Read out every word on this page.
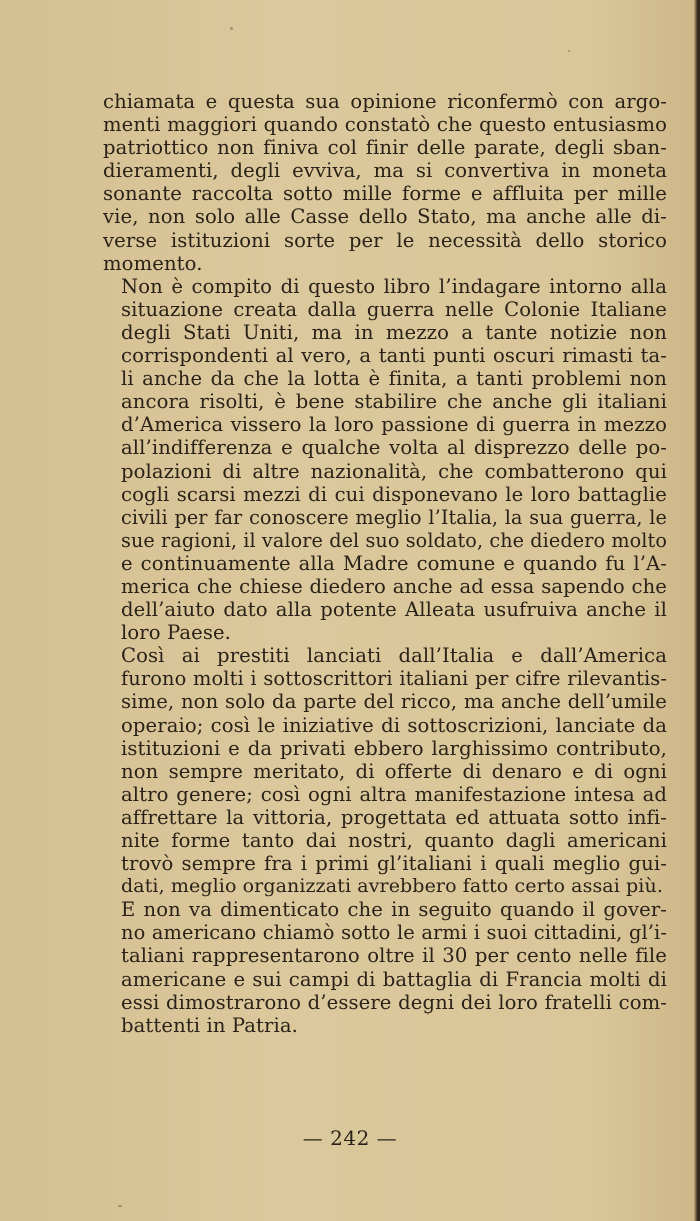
chiamata e questa sua opinione riconfermò con argo-
menti maggiori quando constatò che questo entusiasmo
patriottico non finiva col finir delle parate, degli sban-
dieramenti, degli evviva, ma si convertiva in moneta
sonante raccolta sotto mille forme e affluita per mille
vie, non solo alle Casse dello Stato, ma anche alle di-
verse istituzioni sorte per le necessità dello storico
momento.

Non è compito di questo libro l’indagare intorno alla
situazione creata dalla guerra nelle Colonie Italiane
degli Stati Uniti, ma in mezzo a tante notizie non
corrispondenti al vero, a tanti punti oscuri rimasti ta-
li anche da che la lotta è finita, a tanti problemi non
ancora risolti, è bene stabilire che anche gli italiani
d’America vissero la loro passione di guerra in mezzo
all’indifferenza e qualche volta al disprezzo delle po-
polazioni di altre nazionalità, che combatterono qui
cogli scarsi mezzi di cui disponevano le loro battaglie
civili per far conoscere meglio l’Italia, la sua guerra, le
sue ragioni, il valore del suo soldato, che diedero molto
e continuamente alla Madre comune e quando fu l’A-
merica che chiese diedero anche ad essa sapendo che
dell’aiuto dato alla potente Alleata usufruiva anche il
loro Paese.

Così ai prestiti lanciati dall’Italia e dall’America
furono molti i sottoscrittori italiani per cifre rilevantis-
sime, non solo da parte del ricco, ma anche dell’umile
operaio; così le iniziative di sottoscrizioni, lanciate da
istituzioni e da privati ebbero larghissimo contributo,
non sempre meritato, di offerte di denaro e di ogni
altro genere; così ogni altra manifestazione intesa ad
affrettare la vittoria, progettata ed attuata sotto infi-
nite forme tanto dai nostri, quanto dagli americani
trovò sempre fra i primi gl’italiani i quali meglio gui-
dati, meglio organizzati avrebbero fatto certo assai più.

E non va dimenticato che in seguito quando il gover-
no americano chiamò sotto le armi i suoi cittadini, gl’i-
taliani rappresentarono oltre il 30 per cento nelle file
americane e sui campi di battaglia di Francia molti di
essi dimostrarono d’essere degni dei loro fratelli com-
battenti in Patria.

— 242 —
